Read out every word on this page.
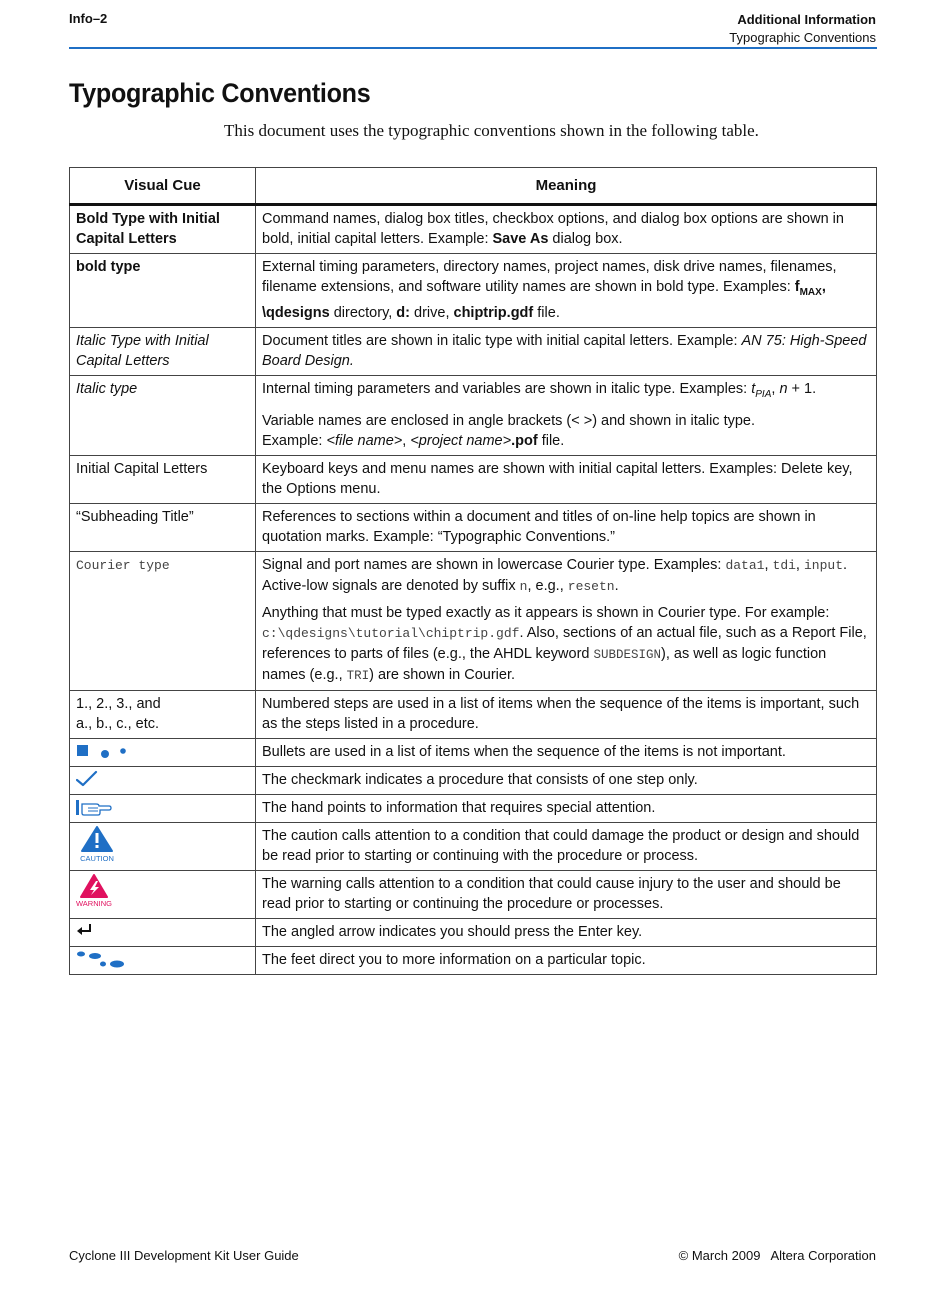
Info–2	Additional Information
Typographic Conventions
Typographic Conventions

This document uses the typographic conventions shown in the following table.

Visual Cue	Meaning
Bold Type with Initial Capital Letters	Command names, dialog box titles, checkbox options, and dialog box options are shown in bold, initial capital letters. Example: Save As dialog box.
bold type	External timing parameters, directory names, project names, disk drive names, filenames, filename extensions, and software utility names are shown in bold type. Examples: $f_{MAX}$, \qdesigns directory, d: drive, chiptrip.gdf file.
Italic Type with Initial Capital Letters	Document titles are shown in italic type with initial capital letters. Example: AN 75: High-Speed Board Design.
Italic type	Internal timing parameters and variables are shown in italic type. Examples: $t_{PIA}$, n + 1.
Variable names are enclosed in angle brackets (< >) and shown in italic type.
Example: <file name>, <project name>.pof file.

Initial Capital Letters	Keyboard keys and menu names are shown with initial capital letters. Examples: Delete key, the Options menu.
“Subheading Title”	References to sections within a document and titles of on-line help topics are shown in quotation marks. Example: “Typographic Conventions.”
Courier type	Signal and port names are shown in lowercase Courier type. Examples: data1, tdi, input. Active-low signals are denoted by suffix n, e.g., resetn.
Anything that must be typed exactly as it appears is shown in Courier type. For example: c:\qdesigns\tutorial\chiptrip.gdf. Also, sections of an actual file, such as a Report File, references to parts of files (e.g., the AHDL keyword SUBDESIGN), as well as logic function names (e.g., TRI) are shown in Courier.

1., 2., 3., and
a., b., c., etc.	Numbered steps are used in a list of items when the sequence of the items is important, such as the steps listed in a procedure.

	Bullets are used in a list of items when the sequence of the items is not important.

	The checkmark indicates a procedure that consists of one step only.

	The hand points to information that requires special attention.

CAUTION	The caution calls attention to a condition that could damage the product or design and should be read prior to starting or continuing with the procedure or process.

WARNING	The warning calls attention to a condition that could cause injury to the user and should be read prior to starting or continuing the procedure or processes.

	The angled arrow indicates you should press the Enter key.

	The feet direct you to more information on a particular topic.
Cyclone III Development Kit User Guide	© March 2009 Altera Corporation
